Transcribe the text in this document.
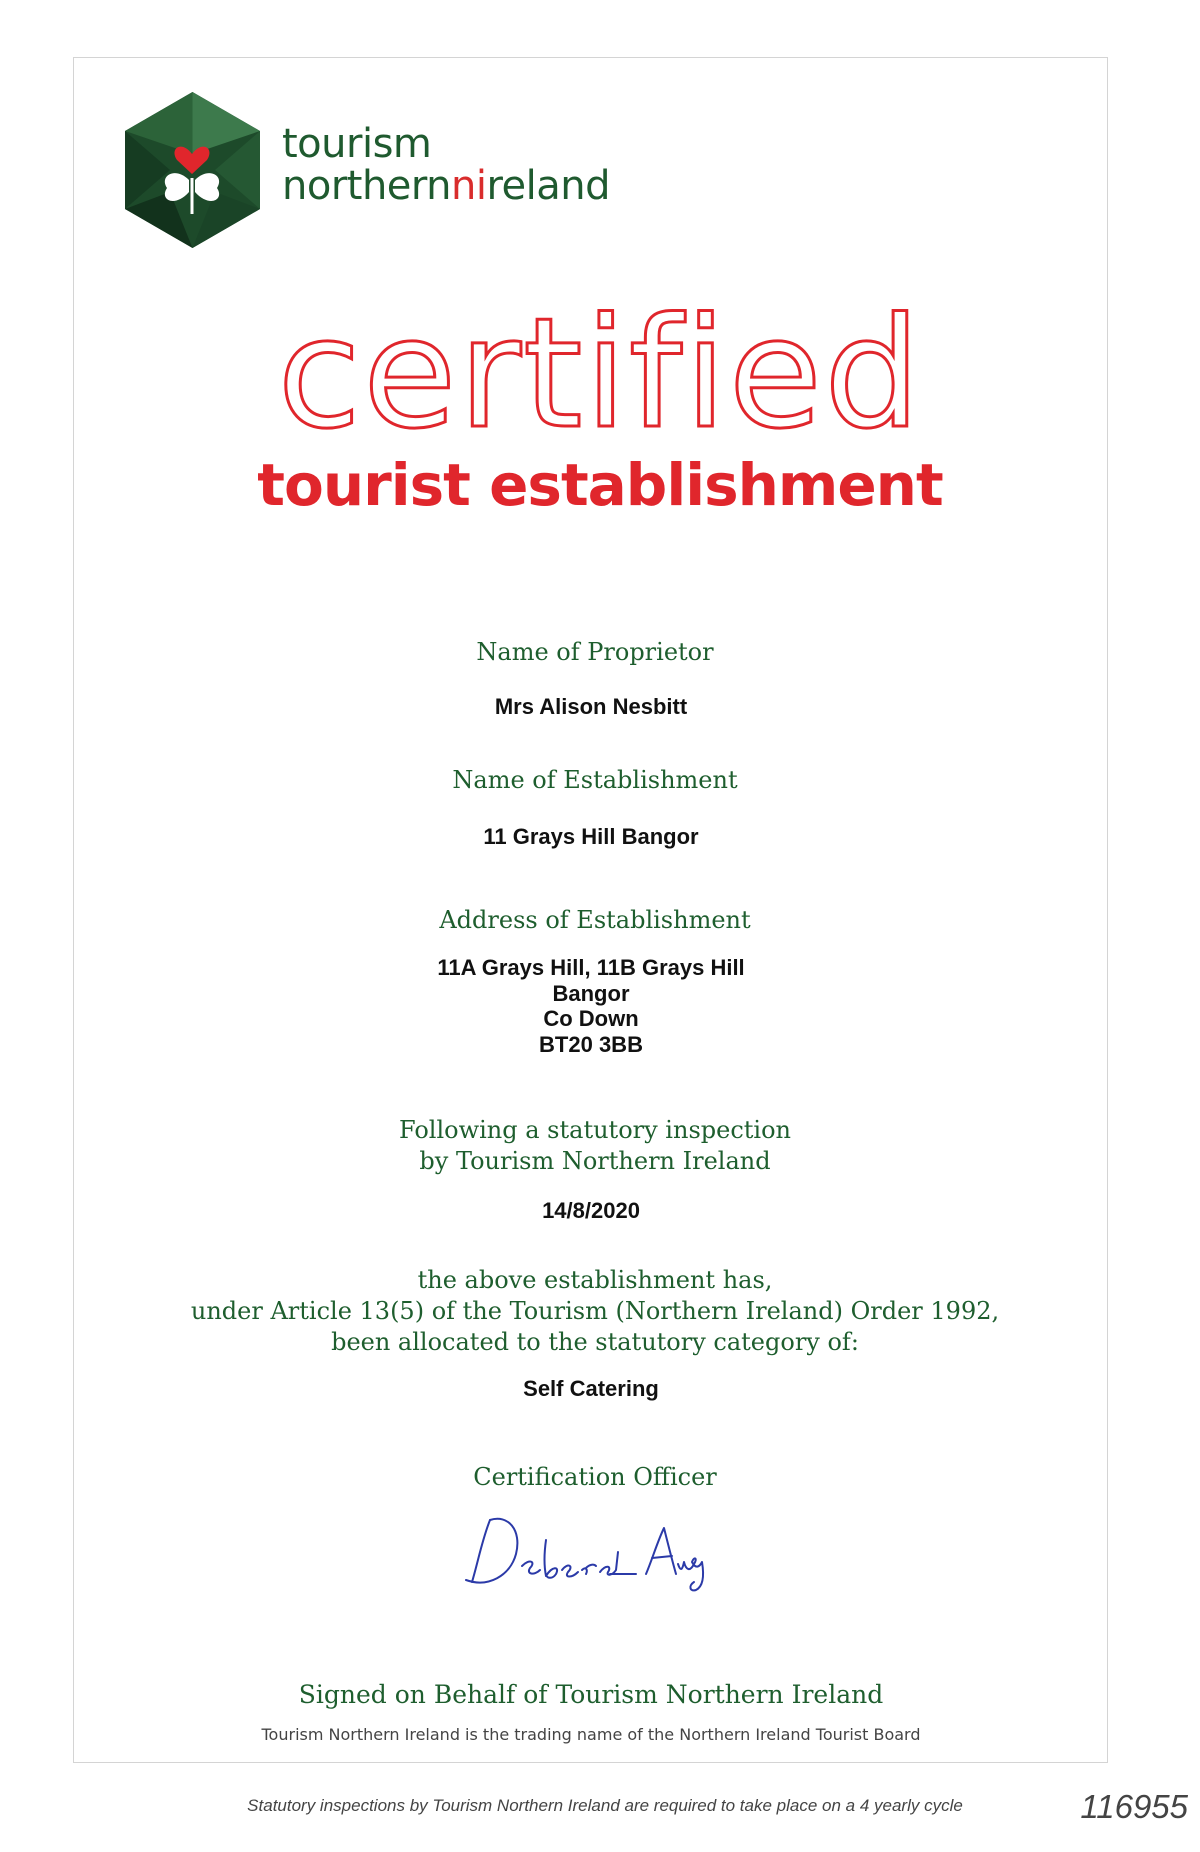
tourism
northernnireland
certified
tourist establishment
Name of Proprietor
Mrs Alison Nesbitt
Name of Establishment
11 Grays Hill Bangor
Address of Establishment
11A Grays Hill, 11B Grays Hill
Bangor
Co Down
BT20 3BB
Following a statutory inspection
by Tourism Northern Ireland
14/8/2020
the above establishment has,
under Article 13(5) of the Tourism (Northern Ireland) Order 1992,
been allocated to the statutory category of:
Self Catering
Certification Officer
Signed on Behalf of Tourism Northern Ireland
Tourism Northern Ireland is the trading name of the Northern Ireland Tourist Board
Statutory inspections by Tourism Northern Ireland are required to take place on a 4 yearly cycle	116955
